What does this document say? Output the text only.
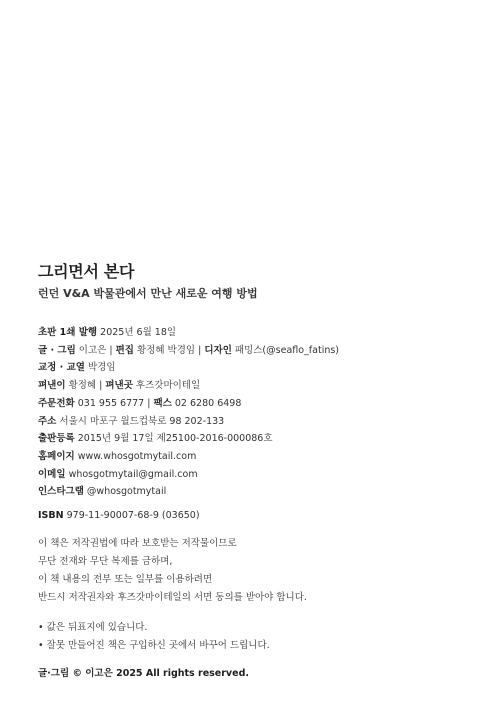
그리면서 본다
런던 V&A 박물관에서 만난 새로운 여행 방법
초판 1쇄 발행 2025년 6월 18일
글 · 그림 이고은 | 편집 황정혜 박경임 | 디자인 패밍스(@seaflo_fatins)
교정 · 교열 박경임
펴낸이 황정혜 | 펴낸곳 후즈갓마이테일
주문전화 031 955 6777 | 팩스 02 6280 6498
주소 서울시 마포구 월드컵북로 98 202-133
출판등록 2015년 9월 17일 제25100-2016-000086호
홈페이지 www.whosgotmytail.com
이메일 whosgotmytail@gmail.com
인스타그램 @whosgotmytail
ISBN 979-11-90007-68-9 (03650)
이 책은 저작권법에 따라 보호받는 저작물이므로
무단 전재와 무단 복제를 금하며,
이 책 내용의 전부 또는 일부를 이용하려면
반드시 저작권자와 후즈갓마이테일의 서면 동의를 받아야 합니다.
• 값은 뒤표지에 있습니다.
• 잘못 만들어진 책은 구입하신 곳에서 바꾸어 드립니다.
글·그림 © 이고은 2025 All rights reserved.
